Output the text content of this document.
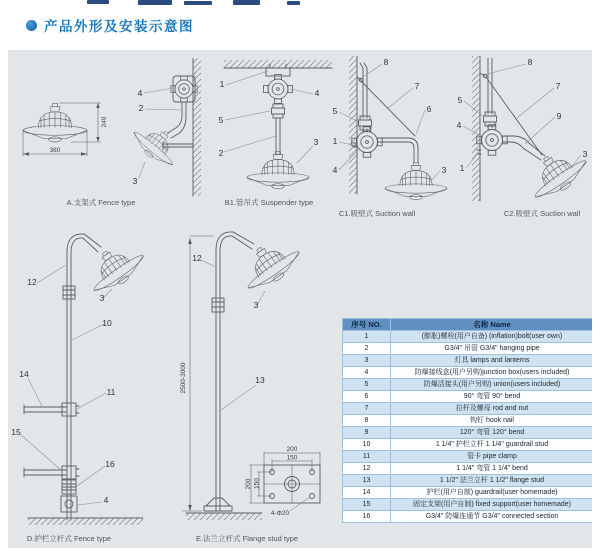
产品外形及安装示意图
240
380
4
2
3
1
4
5
2
3
8
7
6
3
5
1
4
8
7
9
5
4
1
3
12
3
10
14
11
15
16
4
2500-3000
12
3
13
200
150
200 150
4-Φ20
A.支架式 Fence type	B1.管吊式 Suspender type
C1.吸壁式 Suction wall	C2.吸壁式 Suction wall
D.护栏立杆式 Fence type	E.法兰立杆式 Flange stud type
序号 NO.	名称 Name
1	(膨胀)螺栓(用户自备) (inflation)bolt(user own)
2	G3/4" 吊管 G3/4" hanging pipe
3	灯具 lamps and lanterns
4	防爆接线盒(用户另购)junction box(users included)
5	防爆活接头(用户另购) union(users included)
6	90° 弯管 90° bend
7	拉杆及螺母 rod and nut
8	钩钉 hook nail
9	120° 弯管 120° bend
10	1 1/4" 护栏立杆 1 1/4" guardrail stud
11	管卡 pipe clamp
12	1 1/4" 弯管 1 1/4" bend
13	1 1/2" 法兰立杆 1 1/2" flange stud
14	护栏(用户自制) guardrail(user homemade)
15	固定支架(用户自制) fixed support(user homemade)
16	G3/4" 防爆连通节 G3/4" connected section
